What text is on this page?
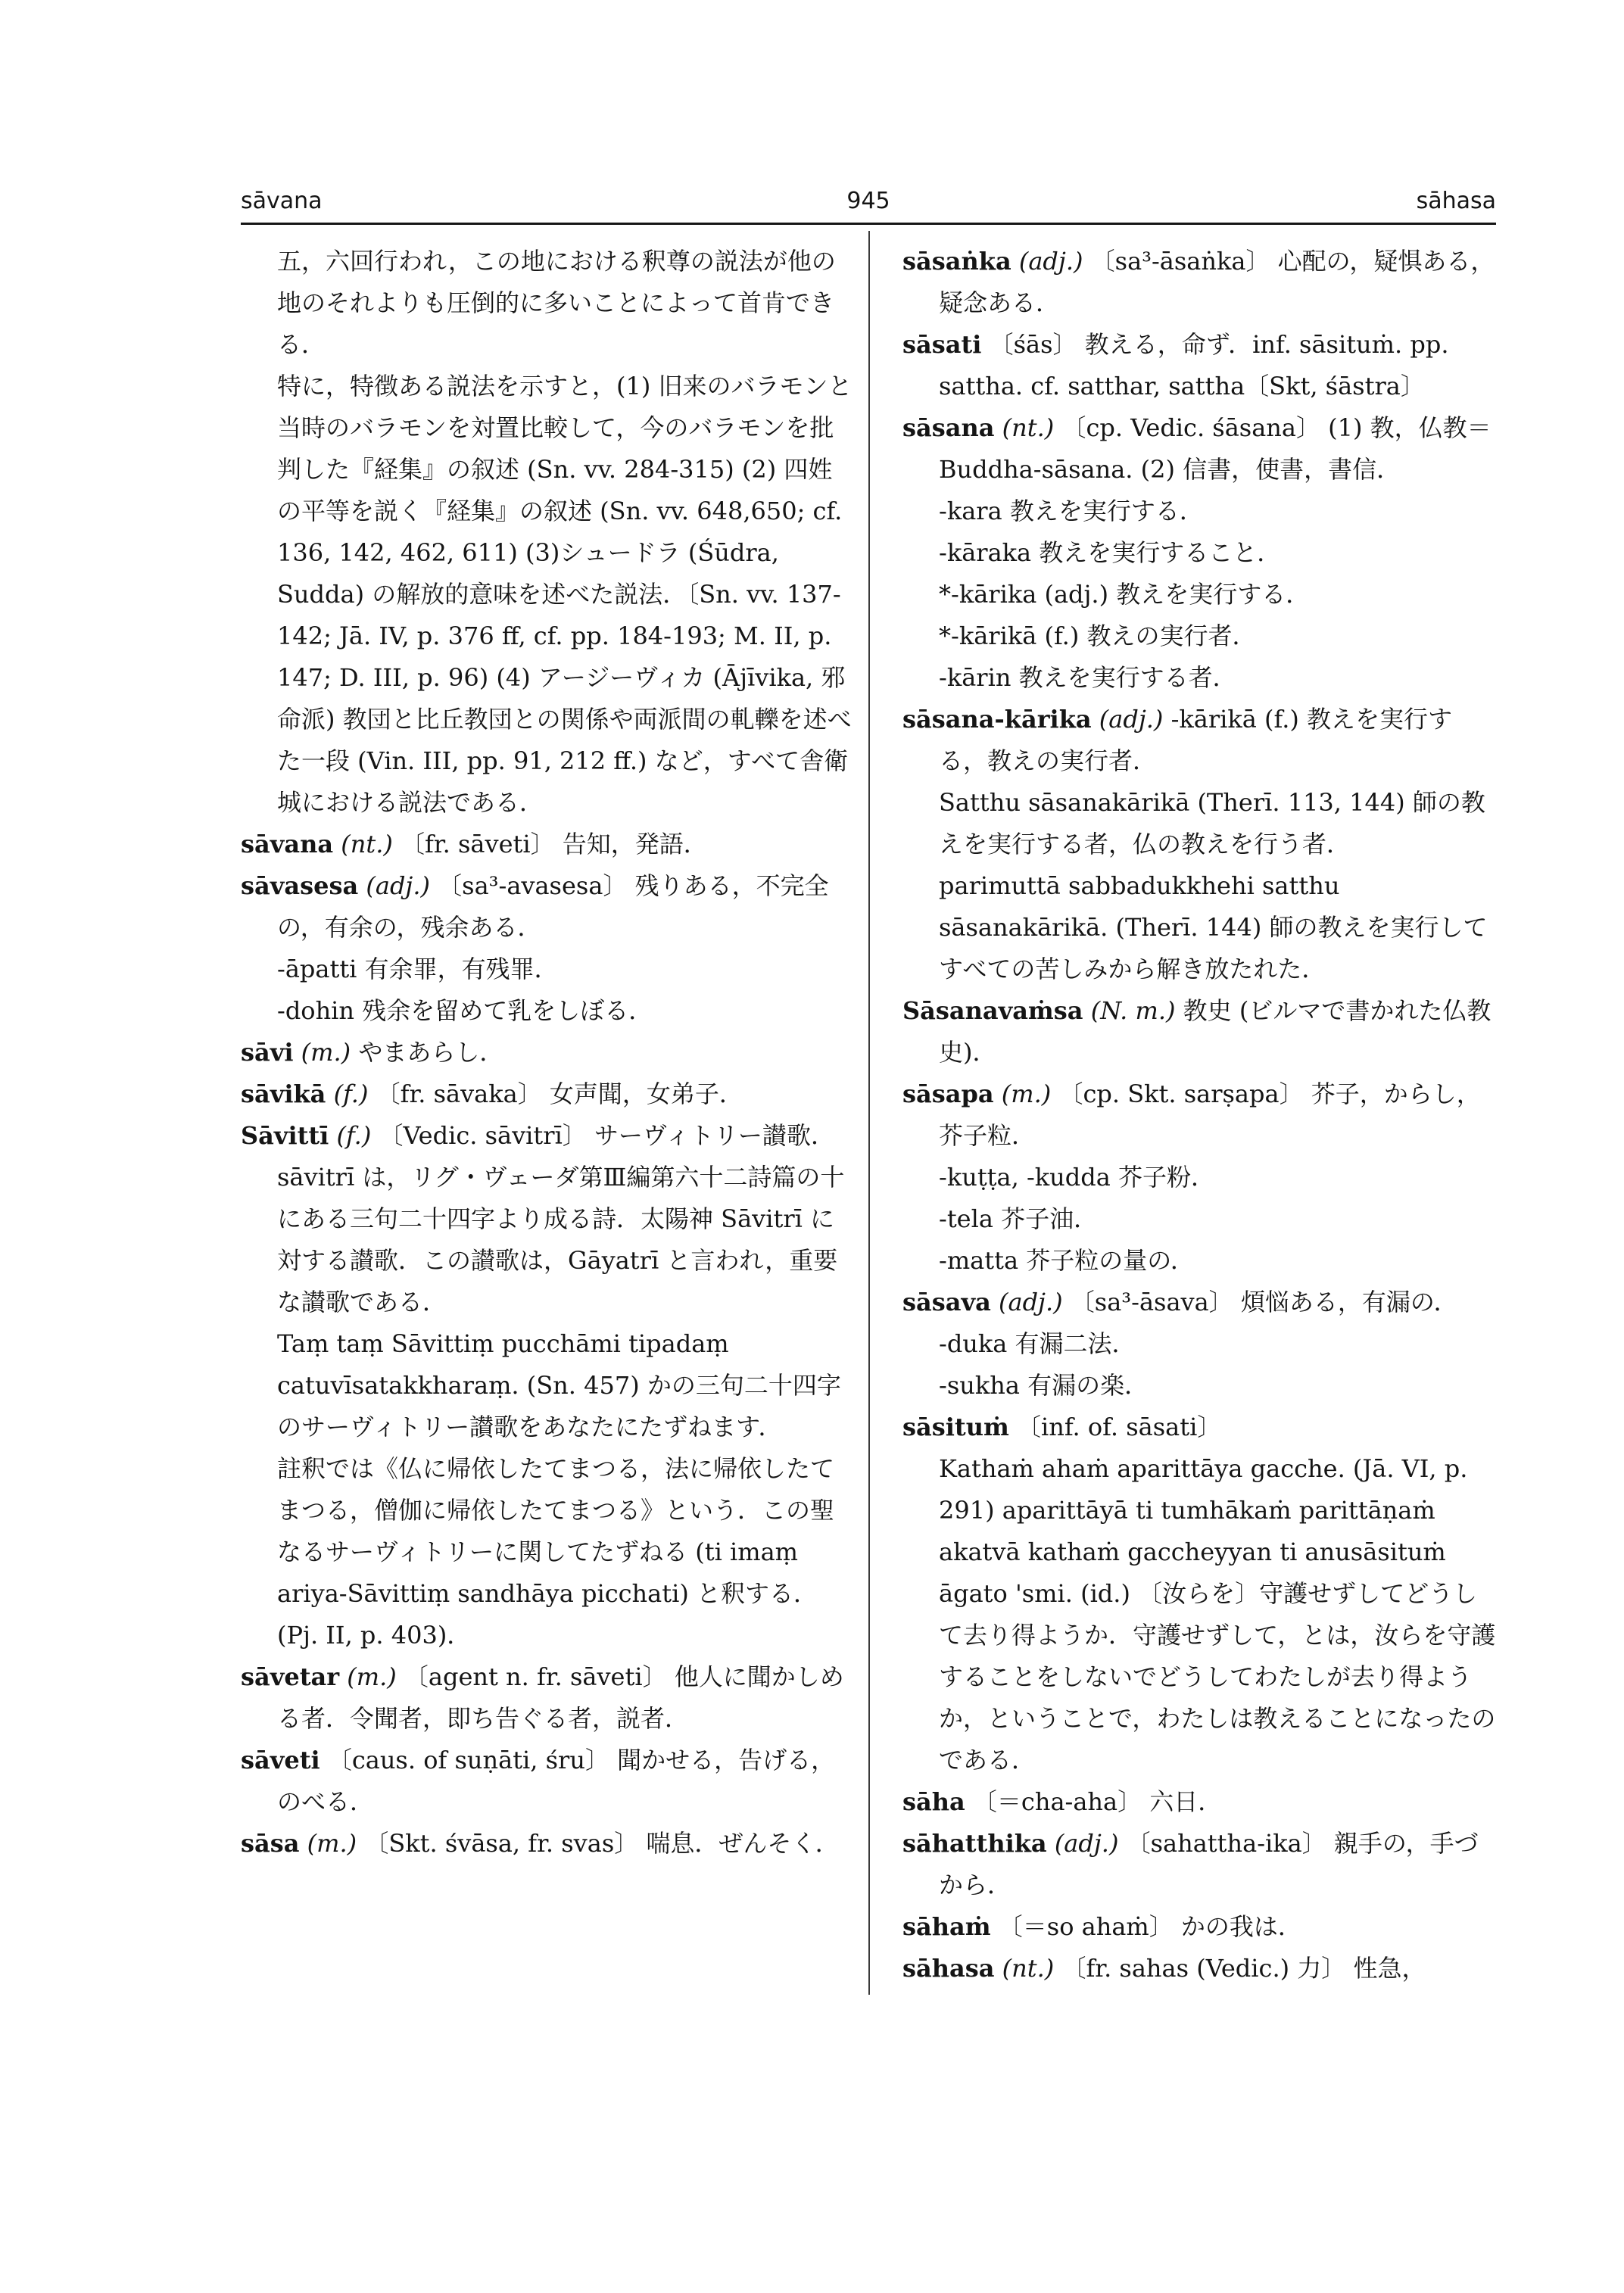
sāvana	945	sāhasa

五，六回行われ，この地における釈尊の説法が他の地のそれよりも圧倒的に多いことによって首肯できる．

特に，特徴ある説法を示すと，(1) 旧来のバラモンと当時のバラモンを対置比較して，今のバラモンを批判した『経集』の叙述 (Sn. vv. 284-315) (2) 四姓の平等を説く『経集』の叙述 (Sn. vv. 648,650; cf. 136, 142, 462, 611) (3)シュードラ (Śūdra, Sudda) の解放的意味を述べた説法．〔Sn. vv. 137-142; Jā. IV, p. 376 ff, cf. pp. 184-193; M. II, p. 147; D. III, p. 96) (4) アージーヴィカ (Ājīvika, 邪命派) 教団と比丘教団との関係や両派間の軋轢を述べた一段 (Vin. III, pp. 91, 212 ff.) など，すべて舎衛城における説法である．

sāvana (nt.) 〔fr. sāveti〕 告知，発語．

sāvasesa (adj.) 〔sa³-avasesa〕 残りある，不完全の，有余の，残余ある．

-āpatti 有余罪，有残罪．

-dohin 残余を留めて乳をしぼる．

sāvi (m.) やまあらし．

sāvikā (f.) 〔fr. sāvaka〕 女声聞，女弟子．

Sāvittī (f.) 〔Vedic. sāvitrī〕 サーヴィトリー讃歌．sāvitrī は，リグ・ヴェーダ第Ⅲ編第六十二詩篇の十にある三句二十四字より成る詩．太陽神 Sāvitrī に対する讃歌．この讃歌は，Gāyatrī と言われ，重要な讃歌である．

Taṃ taṃ Sāvittiṃ pucchāmi tipadaṃ catuvīsatakkharaṃ. (Sn. 457) かの三句二十四字のサーヴィトリー讃歌をあなたにたずねます．

註釈では《仏に帰依したてまつる，法に帰依したてまつる，僧伽に帰依したてまつる》という．この聖なるサーヴィトリーに関してたずねる (ti imaṃ ariya-Sāvittiṃ sandhāya picchati) と釈する．(Pj. II, p. 403)．

sāvetar (m.) 〔agent n. fr. sāveti〕 他人に聞かしめる者．令聞者，即ち告ぐる者，説者．

sāveti 〔caus. of suṇāti, śru〕 聞かせる，告げる，のべる．

sāsa (m.) 〔Skt. śvāsa, fr. svas〕 喘息．ぜんそく．

sāsaṅka (adj.) 〔sa³-āsaṅka〕 心配の，疑惧ある，疑念ある．

sāsati 〔śās〕 教える，命ず．inf. sāsituṁ. pp. sattha. cf. satthar, sattha〔Skt, śāstra〕

sāsana (nt.) 〔cp. Vedic. śāsana〕 (1) 教，仏教＝Buddha-sāsana. (2) 信書，使書，書信．

-kara 教えを実行する．

-kāraka 教えを実行すること．

*-kārika (adj.) 教えを実行する．

*-kārikā (f.) 教えの実行者．

-kārin 教えを実行する者．

sāsana-kārika (adj.) -kārikā (f.) 教えを実行する，教えの実行者．

Satthu sāsanakārikā (Therī. 113, 144) 師の教えを実行する者，仏の教えを行う者．

parimuttā sabbadukkhehi satthu sāsanakārikā. (Therī. 144) 師の教えを実行してすべての苦しみから解き放たれた．

Sāsanavaṁsa (N. m.) 教史 (ビルマで書かれた仏教史)．

sāsapa (m.) 〔cp. Skt. sarṣapa〕 芥子，からし，芥子粒．

-kuṭṭa, -kudda 芥子粉．

-tela 芥子油．

-matta 芥子粒の量の．

sāsava (adj.) 〔sa³-āsava〕 煩悩ある，有漏の．

-duka 有漏二法．

-sukha 有漏の楽．

sāsituṁ 〔inf. of. sāsati〕

Kathaṁ ahaṁ aparittāya gacche. (Jā. VI, p. 291) aparittāyā ti tumhākaṁ parittāṇaṁ akatvā kathaṁ gaccheyyan ti anusāsituṁ āgato 'smi. (id.) 〔汝らを〕守護せずしてどうして去り得ようか．守護せずして，とは，汝らを守護することをしないでどうしてわたしが去り得ようか，ということで，わたしは教えることになったのである．

sāha 〔＝cha-aha〕 六日．

sāhatthika (adj.) 〔sahattha-ika〕 親手の，手づから．

sāhaṁ 〔＝so ahaṁ〕 かの我は．

sāhasa (nt.) 〔fr. sahas (Vedic.) 力〕 性急，
